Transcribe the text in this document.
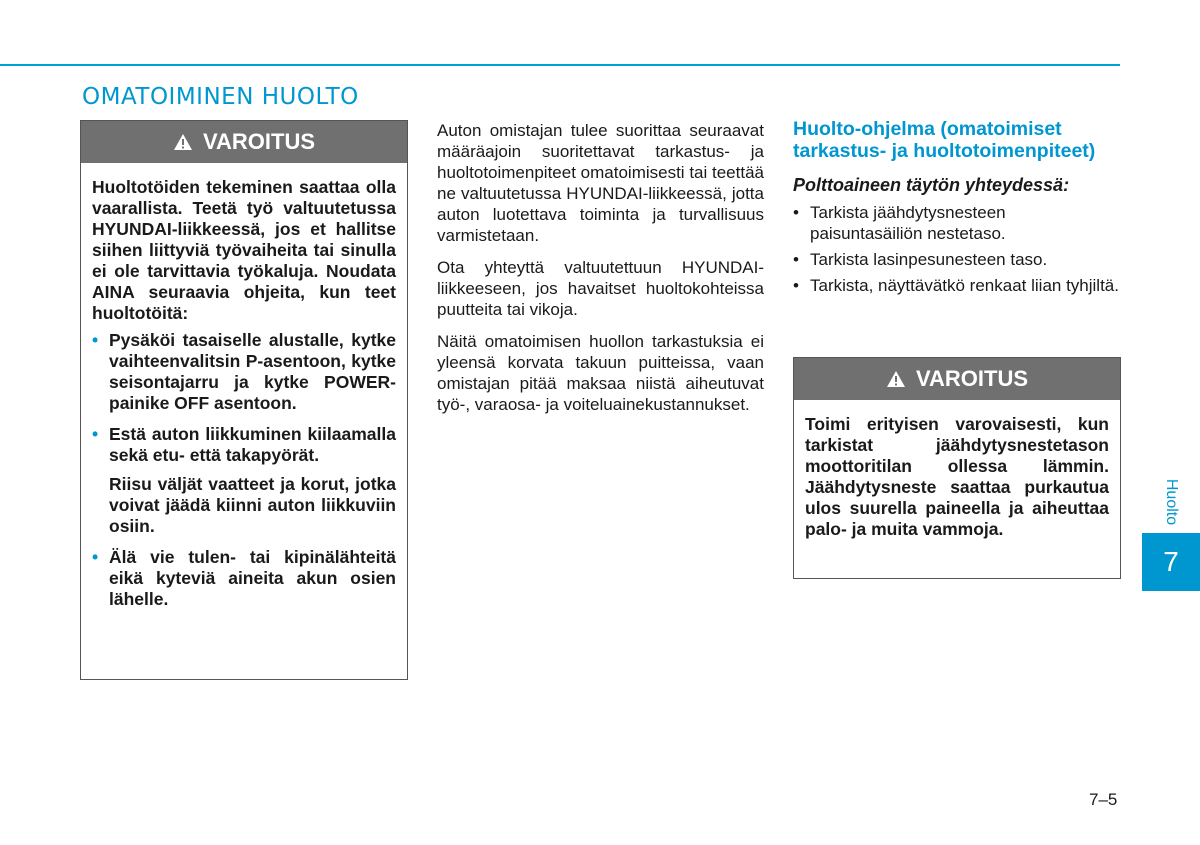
OMATOIMINEN HUOLTO
VAROITUS

Huoltotöiden tekeminen saattaa olla vaarallista. Teetä työ valtuutetussa HYUNDAI-liikkeessä, jos et hallitse siihen liittyviä työvaiheita tai sinulla ei ole tarvittavia työkaluja. Noudata AINA seuraavia ohjeita, kun teet huoltotöitä:

• Pysäköi tasaiselle alustalle, kytke vaihteenvalitsin P-asentoon, kytke seisontajarru ja kytke POWER-painike OFF asentoon.
• Estä auton liikkuminen kiilaamalla sekä etu- että takapyörät.
Riisu väljät vaatteet ja korut, jotka voivat jäädä kiinni auton liikkuviin osiin.
• Älä vie tulen- tai kipinälähteitä eikä kyteviä aineita akun osien lähelle.

Auton omistajan tulee suorittaa seuraavat määräajoin suoritettavat tarkastus- ja huoltotoimenpiteet omatoimisesti tai teettää ne valtuutetussa HYUNDAI-liikkeessä, jotta auton luotettava toiminta ja turvallisuus varmistetaan.

Ota yhteyttä valtuutettuun HYUNDAI-liikkeeseen, jos havaitset huoltokohteissa puutteita tai vikoja.

Näitä omatoimisen huollon tarkastuksia ei yleensä korvata takuun puitteissa, vaan omistajan pitää maksaa niistä aiheutuvat työ-, varaosa- ja voiteluainekustannukset.

Huolto-ohjelma (omatoimiset tarkastus- ja huoltotoimenpiteet)
Polttoaineen täytön yhteydessä:
• Tarkista jäähdytysnesteen paisuntasäiliön nestetaso.
• Tarkista lasinpesunesteen taso.
• Tarkista, näyttävätkö renkaat liian tyhjiltä.
VAROITUS

Toimi erityisen varovaisesti, kun tarkistat jäähdytysnestetason moottoritilan ollessa lämmin. Jäähdytysneste saattaa purkautua ulos suurella paineella ja aiheuttaa palo- ja muita vammoja.

Huolto
7
7–5
